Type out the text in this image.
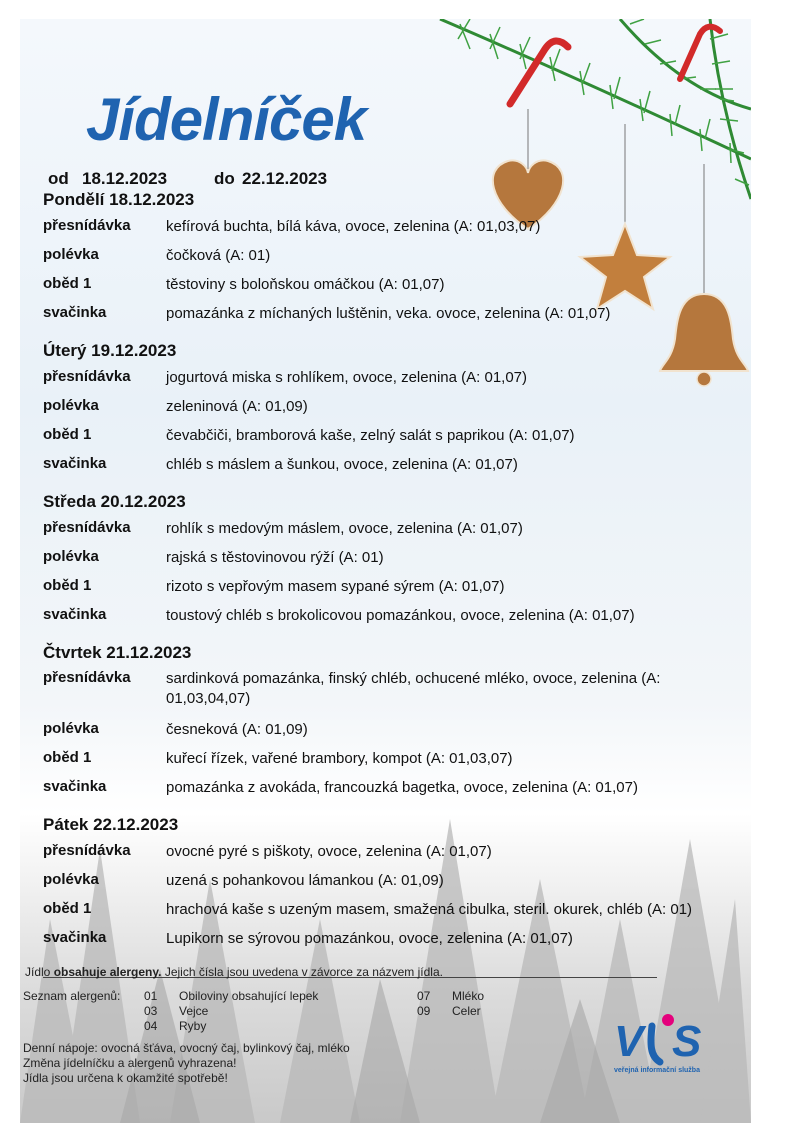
Jídelníček
od 18.12.2023	do 22.12.2023
Pondělí 18.12.2023
přesnídávka kefírová buchta, bílá káva, ovoce, zelenina (A: 01,03,07)
polévka	čočková (A: 01)
oběd 1	těstoviny s boloňskou omáčkou (A: 01,07)
svačinka	pomazánka z míchaných luštěnin, veka. ovoce, zelenina (A: 01,07)
Úterý 19.12.2023
přesnídávka jogurtová miska s rohlíkem, ovoce, zelenina (A: 01,07)
polévka	zeleninová (A: 01,09)
oběd 1	čevabčiči, bramborová kaše, zelný salát s paprikou (A: 01,07)
svačinka	chléb s máslem a šunkou, ovoce, zelenina (A: 01,07)
Středa 20.12.2023
přesnídávka rohlík s medovým máslem, ovoce, zelenina (A: 01,07)
polévka	rajská s těstovinovou rýží (A: 01)
oběd 1	rizoto s vepřovým masem sypané sýrem (A: 01,07)
svačinka	toustový chléb s brokolicovou pomazánkou, ovoce, zelenina (A: 01,07)
Čtvrtek 21.12.2023
přesnídávka sardinková pomazánka, finský chléb, ochucené mléko, ovoce, zelenina (A: 01,03,04,07)
polévka	česneková (A: 01,09)
oběd 1	kuřecí řízek, vařené brambory, kompot (A: 01,03,07)
svačinka	pomazánka z avokáda, francouzká bagetka, ovoce, zelenina (A: 01,07)
Pátek 22.12.2023
přesnídávka ovocné pyré s piškoty, ovoce, zelenina (A: 01,07)
polévka	uzená s pohankovou lámankou (A: 01,09)
oběd 1	hrachová kaše s uzeným masem, smažená cibulka, steril. okurek, chléb (A: 01)
svačinka	Lupikorn se sýrovou pomazánkou, ovoce, zelenina (A: 01,07)
Jídlo obsahuje alergeny. Jejich čísla jsou uvedena v závorce za názvem jídla.
Seznam alergenů: 01 Obiloviny obsahující lepek
03 Vejce
04 Ryby
07 Mléko
09 Celer
Denní nápoje: ovocná šťáva, ovocný čaj, bylinkový čaj, mléko
Změna jídelníčku a alergenů vyhrazena!
Jídla jsou určena k okamžité spotřebě!
V S
veřejná informační služba
